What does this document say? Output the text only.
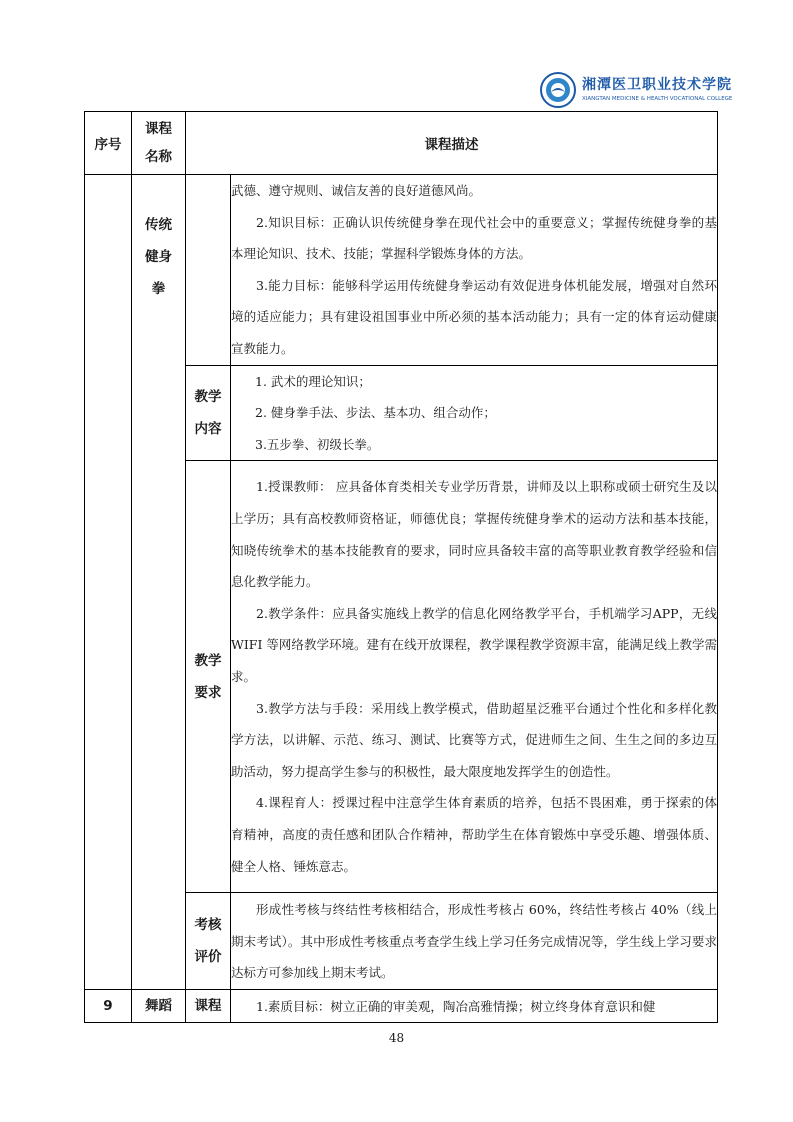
湘潭医卫职业技术学院
XIANGTAN MEDICINE & HEALTH VOCATIONAL COLLEGE
序号	课程名称	课程描述	
	传统健身拳		武德、遵守规则、诚信友善的良好道德风尚。

2.知识目标：正确认识传统健身拳在现代社会中的重要意义；掌握传统健身拳的基本理论知识、技术、技能；掌握科学锻炼身体的方法。

3.能力目标：能够科学运用传统健身拳运动有效促进身体机能发展，增强对自然环境的适应能力；具有建设祖国事业中所必须的基本活动能力；具有一定的体育运动健康宣教能力。

		教学内容	1. 武术的理论知识；

2. 健身拳手法、步法、基本功、组合动作；

3.五步拳、初级长拳。

		教学要求	1.授课教师： 应具备体育类相关专业学历背景，讲师及以上职称或硕士研究生及以上学历；具有高校教师资格证，师德优良；掌握传统健身拳术的运动方法和基本技能，知晓传统拳术的基本技能教育的要求，同时应具备较丰富的高等职业教育教学经验和信息化教学能力。

2.教学条件：应具备实施线上教学的信息化网络教学平台，手机端学习APP，无线 WIFI 等网络教学环境。建有在线开放课程，教学课程教学资源丰富，能满足线上教学需求。

3.教学方法与手段：采用线上教学模式，借助超星泛雅平台通过个性化和多样化教学方法，以讲解、示范、练习、测试、比赛等方式，促进师生之间、生生之间的多边互助活动，努力提高学生参与的积极性，最大限度地发挥学生的创造性。

4.课程育人：授课过程中注意学生体育素质的培养，包括不畏困难，勇于探索的体育精神，高度的责任感和团队合作精神，帮助学生在体育锻炼中享受乐趣、增强体质、健全人格、锤炼意志。

		考核评价	形成性考核与终结性考核相结合，形成性考核占 60%，终结性考核占 40%（线上期末考试）。其中形成性考核重点考查学生线上学习任务完成情况等，学生线上学习要求达标方可参加线上期末考试。

9	舞蹈	课程	1.素质目标：树立正确的审美观，陶冶高雅情操；树立终身体育意识和健

48
